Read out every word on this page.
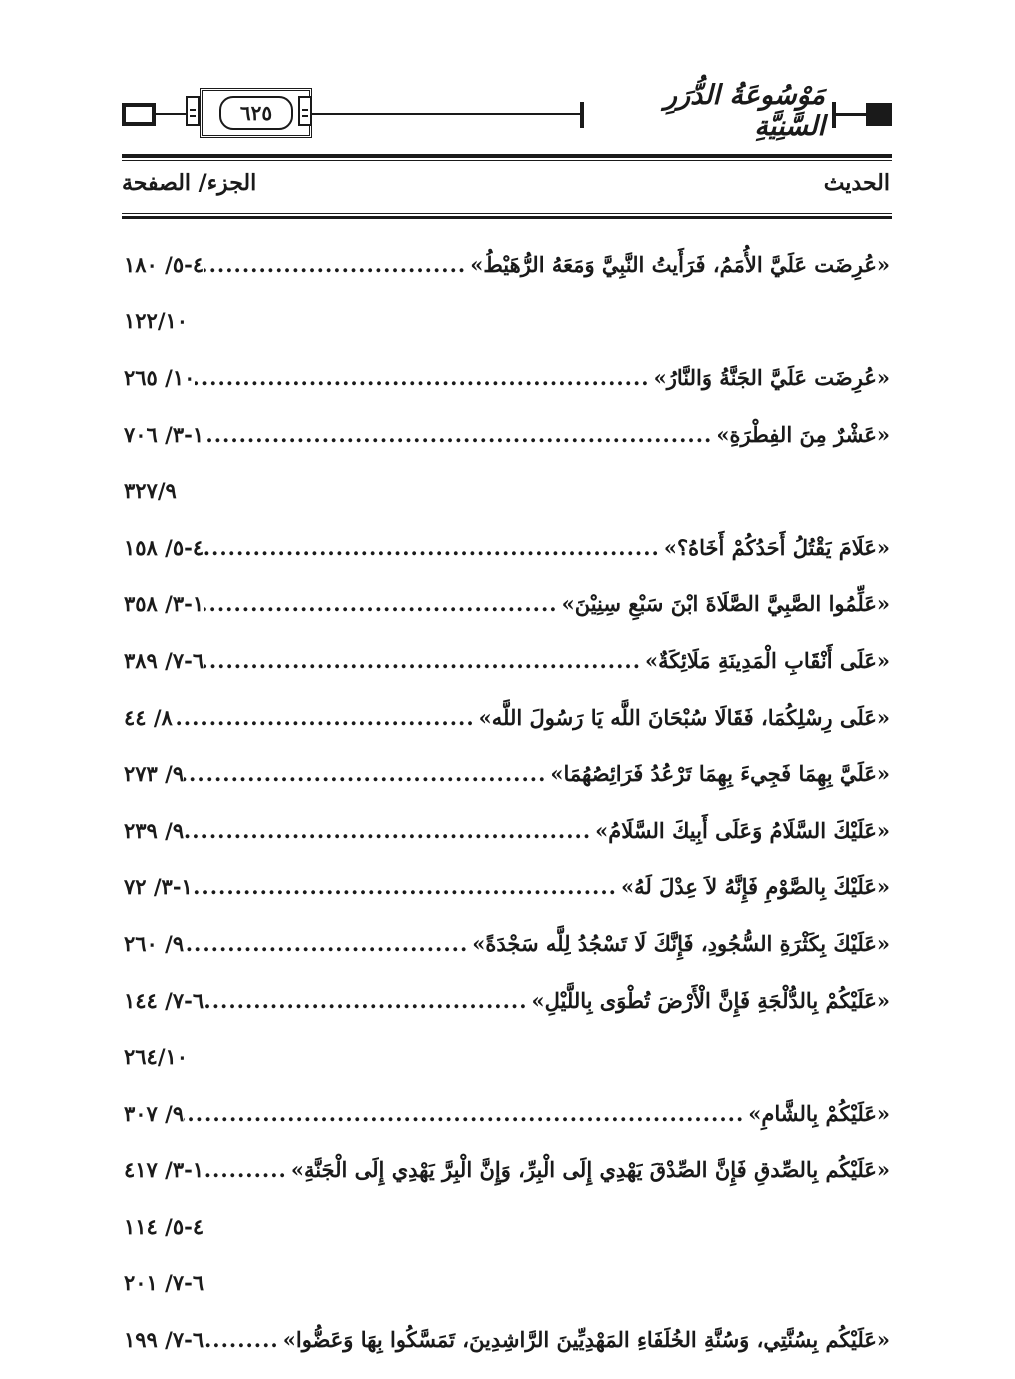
٦٢٥
مَوْسُوعَةُ الدُّرَرِ السَّنِيَّةِ
الحديث
الجزء/ الصفحة
«عُرِضَت عَلَيَّ الأُمَمُ، فَرَأَيتُ النَّبِيَّ وَمَعَهُ الرُّهَيْطُ»
.....
٤-٥/ ١٨٠
١٢٢/١٠
«عُرِضَت عَلَيَّ الجَنَّةُ وَالنَّارُ»
.....
١٠/ ٢٦٥
«عَشْرٌ مِنَ الفِطْرَةِ»
.....
١-٣/ ٧٠٦
٣٢٧/٩
«عَلَامَ يَقْتُلُ أَحَدُكُمْ أَخَاهُ؟»
.....
٤-٥/ ١٥٨
«عَلِّمُوا الصَّبِيَّ الصَّلَاةَ ابْنَ سَبْعِ سِنِيْنَ»
.....
١-٣/ ٣٥٨
«عَلَى أَنْقَابِ الْمَدِينَةِ مَلَائِكَةٌ»
.....
٦-٧/ ٣٨٩
«عَلَى رِسْلِكُمَا، فَقَالَا سُبْحَانَ اللَّه يَا رَسُولَ اللَّه»
.....
٨/ ٤٤
«عَلَيَّ بِهِمَا فَجِيءَ بِهِمَا تَرْعُدُ فَرَائِصُهُمَا»
.....
٩/ ٢٧٣
«عَلَيْكَ السَّلَامُ وَعَلَى أَبِيكَ السَّلَامُ»
.....
٩/ ٢٣٩
«عَلَيْكَ بِالصَّوْمِ فَإِنَّهُ لاَ عِدْلَ لَهُ»
.....
١-٣/ ٧٢
«عَلَيْكَ بِكَثْرَةِ السُّجُودِ، فَإِنَّكَ لَا تَسْجُدُ لِلَّه سَجْدَةً»
.....
٩/ ٢٦٠
«عَلَيْكُمْ بِالدُّلْجَةِ فَإِنَّ الْأَرْضَ تُطْوَى بِاللَّيْلِ»
.....
٦-٧/ ١٤٤
٢٦٤/١٠
«عَلَيْكُمْ بِالشَّامِ»
.....
٩/ ٣٠٧
«عَلَيْكُم بِالصِّدقِ فَإِنَّ الصِّدْقَ يَهْدِي إِلَى الْبِرِّ، وَإِنَّ الْبِرَّ يَهْدِي إِلَى الْجَنَّةِ»
.....
١-٣/ ٤١٧
٤-٥/ ١١٤
٦-٧/ ٢٠١
«عَلَيْكُم بِسُنَّتِي، وَسُنَّةِ الخُلَفَاءِ المَهْدِيِّينَ الرَّاشِدِينَ، تَمَسَّكُوا بِهَا وَعَضُّوا»
.....
٦-٧/ ١٩٩
